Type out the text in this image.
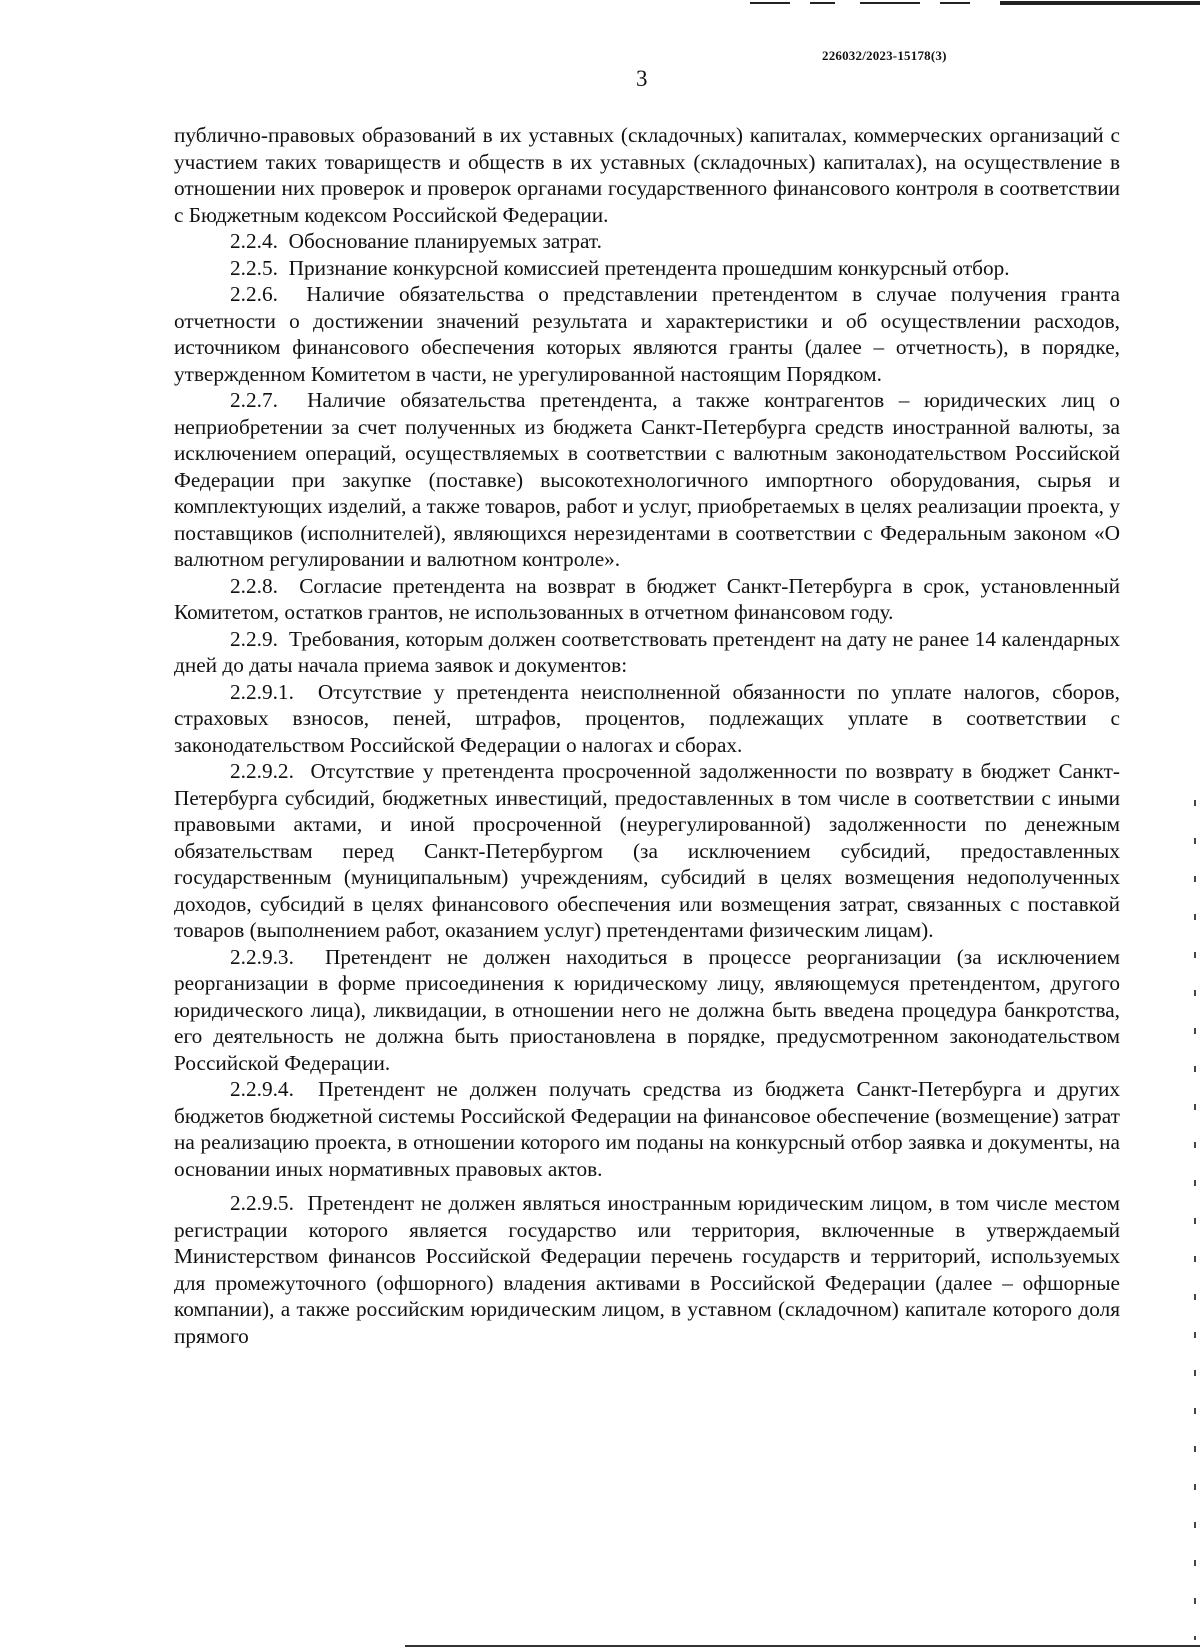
226032/2023-15178(3)
3

публично-правовых образований в их уставных (складочных) капиталах, коммерческих организаций с участием таких товариществ и обществ в их уставных (складочных) капиталах), на осуществление в отношении них проверок и проверок органами государственного финансового контроля в соответствии с Бюджетным кодексом Российской Федерации.

2.2.4. Обоснование планируемых затрат.

2.2.5. Признание конкурсной комиссией претендента прошедшим конкурсный отбор.

2.2.6. Наличие обязательства о представлении претендентом в случае получения гранта отчетности о достижении значений результата и характеристики и об осуществлении расходов, источником финансового обеспечения которых являются гранты (далее – отчетность), в порядке, утвержденном Комитетом в части, не урегулированной настоящим Порядком.

2.2.7. Наличие обязательства претендента, а также контрагентов – юридических лиц о неприобретении за счет полученных из бюджета Санкт-Петербурга средств иностранной валюты, за исключением операций, осуществляемых в соответствии с валютным законодательством Российской Федерации при закупке (поставке) высокотехнологичного импортного оборудования, сырья и комплектующих изделий, а также товаров, работ и услуг, приобретаемых в целях реализации проекта, у поставщиков (исполнителей), являющихся нерезидентами в соответствии с Федеральным законом «О валютном регулировании и валютном контроле».

2.2.8. Согласие претендента на возврат в бюджет Санкт-Петербурга в срок, установленный Комитетом, остатков грантов, не использованных в отчетном финансовом году.

2.2.9. Требования, которым должен соответствовать претендент на дату не ранее 14 календарных дней до даты начала приема заявок и документов:

2.2.9.1. Отсутствие у претендента неисполненной обязанности по уплате налогов, сборов, страховых взносов, пеней, штрафов, процентов, подлежащих уплате в соответствии с законодательством Российской Федерации о налогах и сборах.

2.2.9.2. Отсутствие у претендента просроченной задолженности по возврату в бюджет Санкт-Петербурга субсидий, бюджетных инвестиций, предоставленных в том числе в соответствии с иными правовыми актами, и иной просроченной (неурегулированной) задолженности по денежным обязательствам перед Санкт-Петербургом (за исключением субсидий, предоставленных государственным (муниципальным) учреждениям, субсидий в целях возмещения недополученных доходов, субсидий в целях финансового обеспечения или возмещения затрат, связанных с поставкой товаров (выполнением работ, оказанием услуг) претендентами физическим лицам).

2.2.9.3. Претендент не должен находиться в процессе реорганизации (за исключением реорганизации в форме присоединения к юридическому лицу, являющемуся претендентом, другого юридического лица), ликвидации, в отношении него не должна быть введена процедура банкротства, его деятельность не должна быть приостановлена в порядке, предусмотренном законодательством Российской Федерации.

2.2.9.4. Претендент не должен получать средства из бюджета Санкт-Петербурга и других бюджетов бюджетной системы Российской Федерации на финансовое обеспечение (возмещение) затрат на реализацию проекта, в отношении которого им поданы на конкурсный отбор заявка и документы, на основании иных нормативных правовых актов.

2.2.9.5. Претендент не должен являться иностранным юридическим лицом, в том числе местом регистрации которого является государство или территория, включенные в утверждаемый Министерством финансов Российской Федерации перечень государств и территорий, используемых для промежуточного (офшорного) владения активами в Российской Федерации (далее – офшорные компании), а также российским юридическим лицом, в уставном (складочном) капитале которого доля прямого
